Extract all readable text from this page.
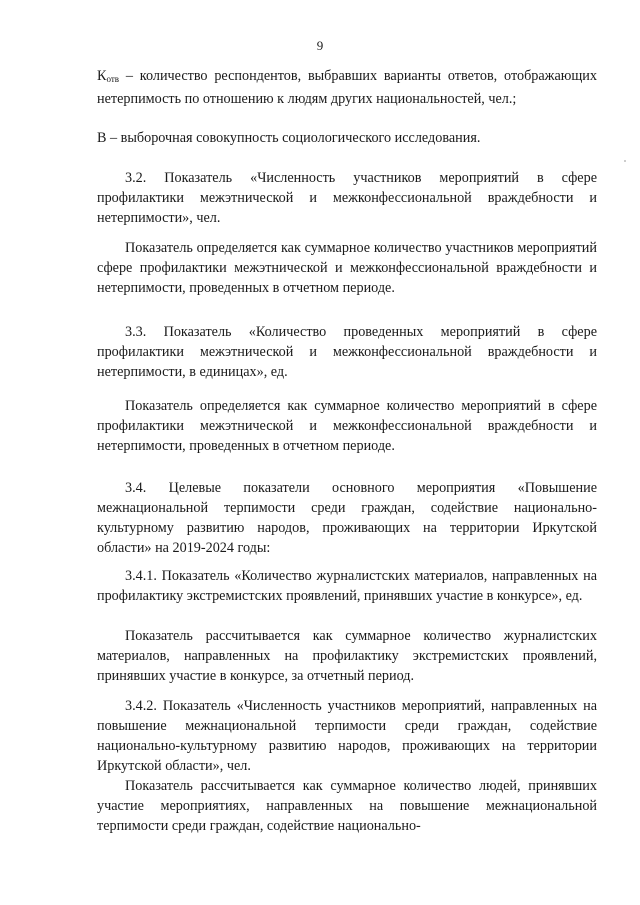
9

$К_{отв}$ – количество респондентов, выбравших варианты ответов, отображающих нетерпимость по отношению к людям других национальностей, чел.;

В – выборочная совокупность социологического исследования.

3.2. Показатель «Численность участников мероприятий в сфере профилактики межэтнической и межконфессиональной враждебности и нетерпимости», чел.

Показатель определяется как суммарное количество участников мероприятий сфере профилактики межэтнической и межконфессиональной враждебности и нетерпимости, проведенных в отчетном периоде.

3.3. Показатель «Количество проведенных мероприятий в сфере профилактики межэтнической и межконфессиональной враждебности и нетерпимости, в единицах», ед.

Показатель определяется как суммарное количество мероприятий в сфере профилактики межэтнической и межконфессиональной враждебности и нетерпимости, проведенных в отчетном периоде.

3.4. Целевые показатели основного мероприятия «Повышение межнациональной терпимости среди граждан, содействие национально-культурному развитию народов, проживающих на территории Иркутской области» на 2019-2024 годы:

3.4.1. Показатель «Количество журналистских материалов, направленных на профилактику экстремистских проявлений, принявших участие в конкурсе», ед.

Показатель рассчитывается как суммарное количество журналистских материалов, направленных на профилактику экстремистских проявлений, принявших участие в конкурсе, за отчетный период.

3.4.2. Показатель «Численность участников мероприятий, направленных на повышение межнациональной терпимости среди граждан, содействие национально-культурному развитию народов, проживающих на территории Иркутской области», чел.

Показатель рассчитывается как суммарное количество людей, принявших участие мероприятиях, направленных на повышение межнациональной терпимости среди граждан, содействие национально-
